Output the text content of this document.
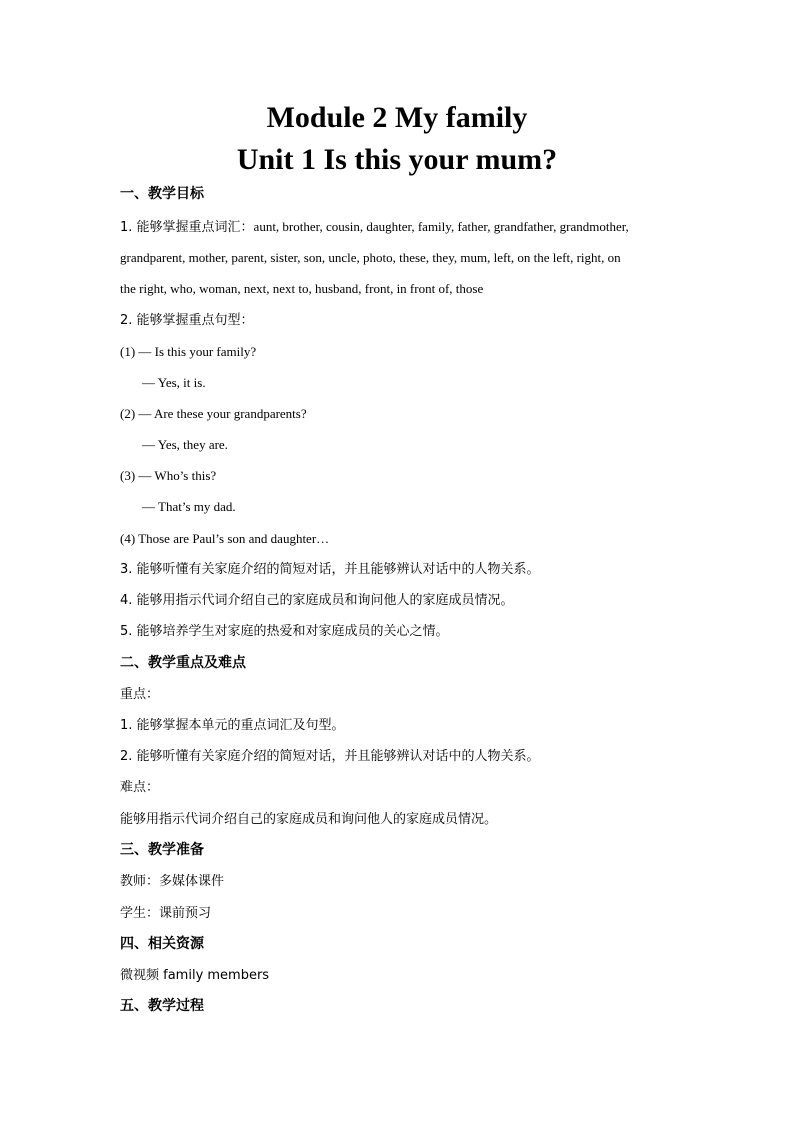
Module 2 My family
Unit 1 Is this your mum?
一、教学目标
1. 能够掌握重点词汇：aunt, brother, cousin, daughter, family, father, grandfather, grandmother,
grandparent, mother, parent, sister, son, uncle, photo, these, they, mum, left, on the left, right, on
the right, who, woman, next, next to, husband, front, in front of, those
2. 能够掌握重点句型：
(1) — Is this your family?
— Yes, it is.
(2) — Are these your grandparents?
— Yes, they are.
(3) — Who’s this?
— That’s my dad.
(4) Those are Paul’s son and daughter…
3. 能够听懂有关家庭介绍的简短对话，并且能够辨认对话中的人物关系。
4. 能够用指示代词介绍自己的家庭成员和询问他人的家庭成员情况。
5. 能够培养学生对家庭的热爱和对家庭成员的关心之情。
二、教学重点及难点
重点：
1. 能够掌握本单元的重点词汇及句型。
2. 能够听懂有关家庭介绍的简短对话，并且能够辨认对话中的人物关系。
难点：
能够用指示代词介绍自己的家庭成员和询问他人的家庭成员情况。
三、教学准备
教师：多媒体课件
学生：课前预习
四、相关资源
微视频 family members
五、教学过程
